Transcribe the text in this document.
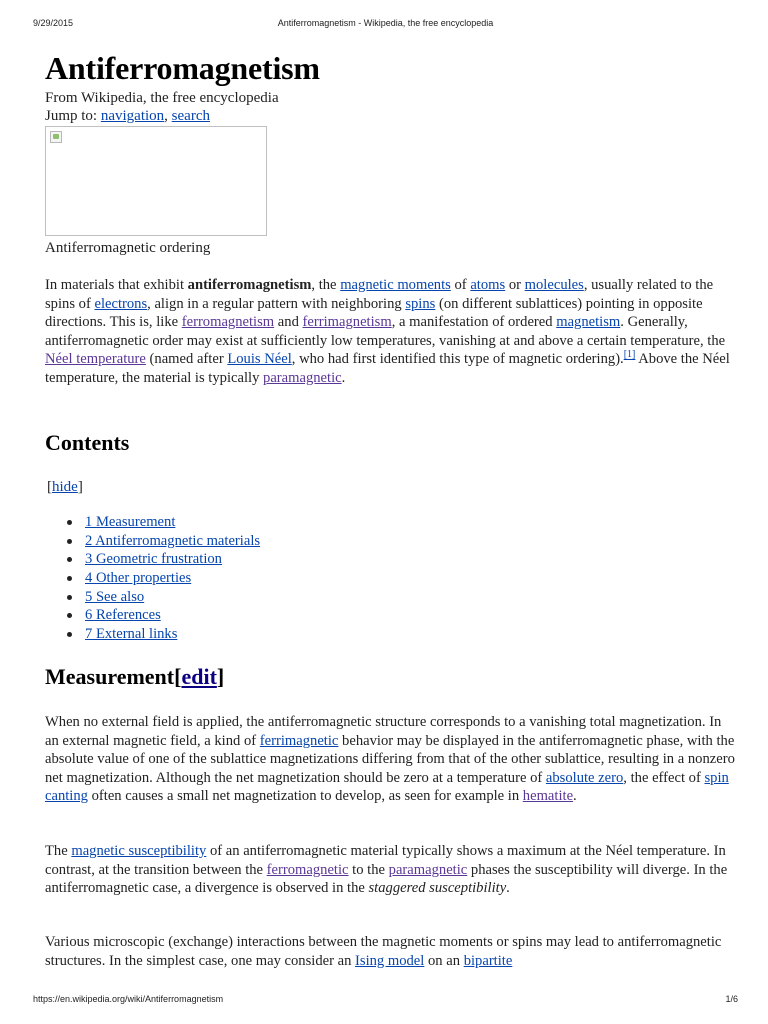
9/29/2015	Antiferromagnetism - Wikipedia, the free encyclopedia
Antiferromagnetism
From Wikipedia, the free encyclopedia
Jump to: navigation, search
Antiferromagnetic ordering

In materials that exhibit antiferromagnetism, the magnetic moments of atoms or molecules, usually related to the spins of electrons, align in a regular pattern with neighboring spins (on different sublattices) pointing in opposite directions. This is, like ferromagnetism and ferrimagnetism, a manifestation of ordered magnetism. Generally, antiferromagnetic order may exist at sufficiently low temperatures, vanishing at and above a certain temperature, the Néel temperature (named after Louis Néel, who had first identified this type of magnetic ordering).[1] Above the Néel temperature, the material is typically paramagnetic.

Contents
[hide]
1 Measurement
2 Antiferromagnetic materials
3 Geometric frustration
4 Other properties
5 See also
6 References
7 External links
Measurement[edit]

When no external field is applied, the antiferromagnetic structure corresponds to a vanishing total magnetization. In an external magnetic field, a kind of ferrimagnetic behavior may be displayed in the antiferromagnetic phase, with the absolute value of one of the sublattice magnetizations differing from that of the other sublattice, resulting in a nonzero net magnetization. Although the net magnetization should be zero at a temperature of absolute zero, the effect of spin canting often causes a small net magnetization to develop, as seen for example in hematite.

The magnetic susceptibility of an antiferromagnetic material typically shows a maximum at the Néel temperature. In contrast, at the transition between the ferromagnetic to the paramagnetic phases the susceptibility will diverge. In the antiferromagnetic case, a divergence is observed in the staggered susceptibility.

Various microscopic (exchange) interactions between the magnetic moments or spins may lead to antiferromagnetic structures. In the simplest case, one may consider an Ising model on an bipartite

https://en.wikipedia.org/wiki/Antiferromagnetism	1/6
